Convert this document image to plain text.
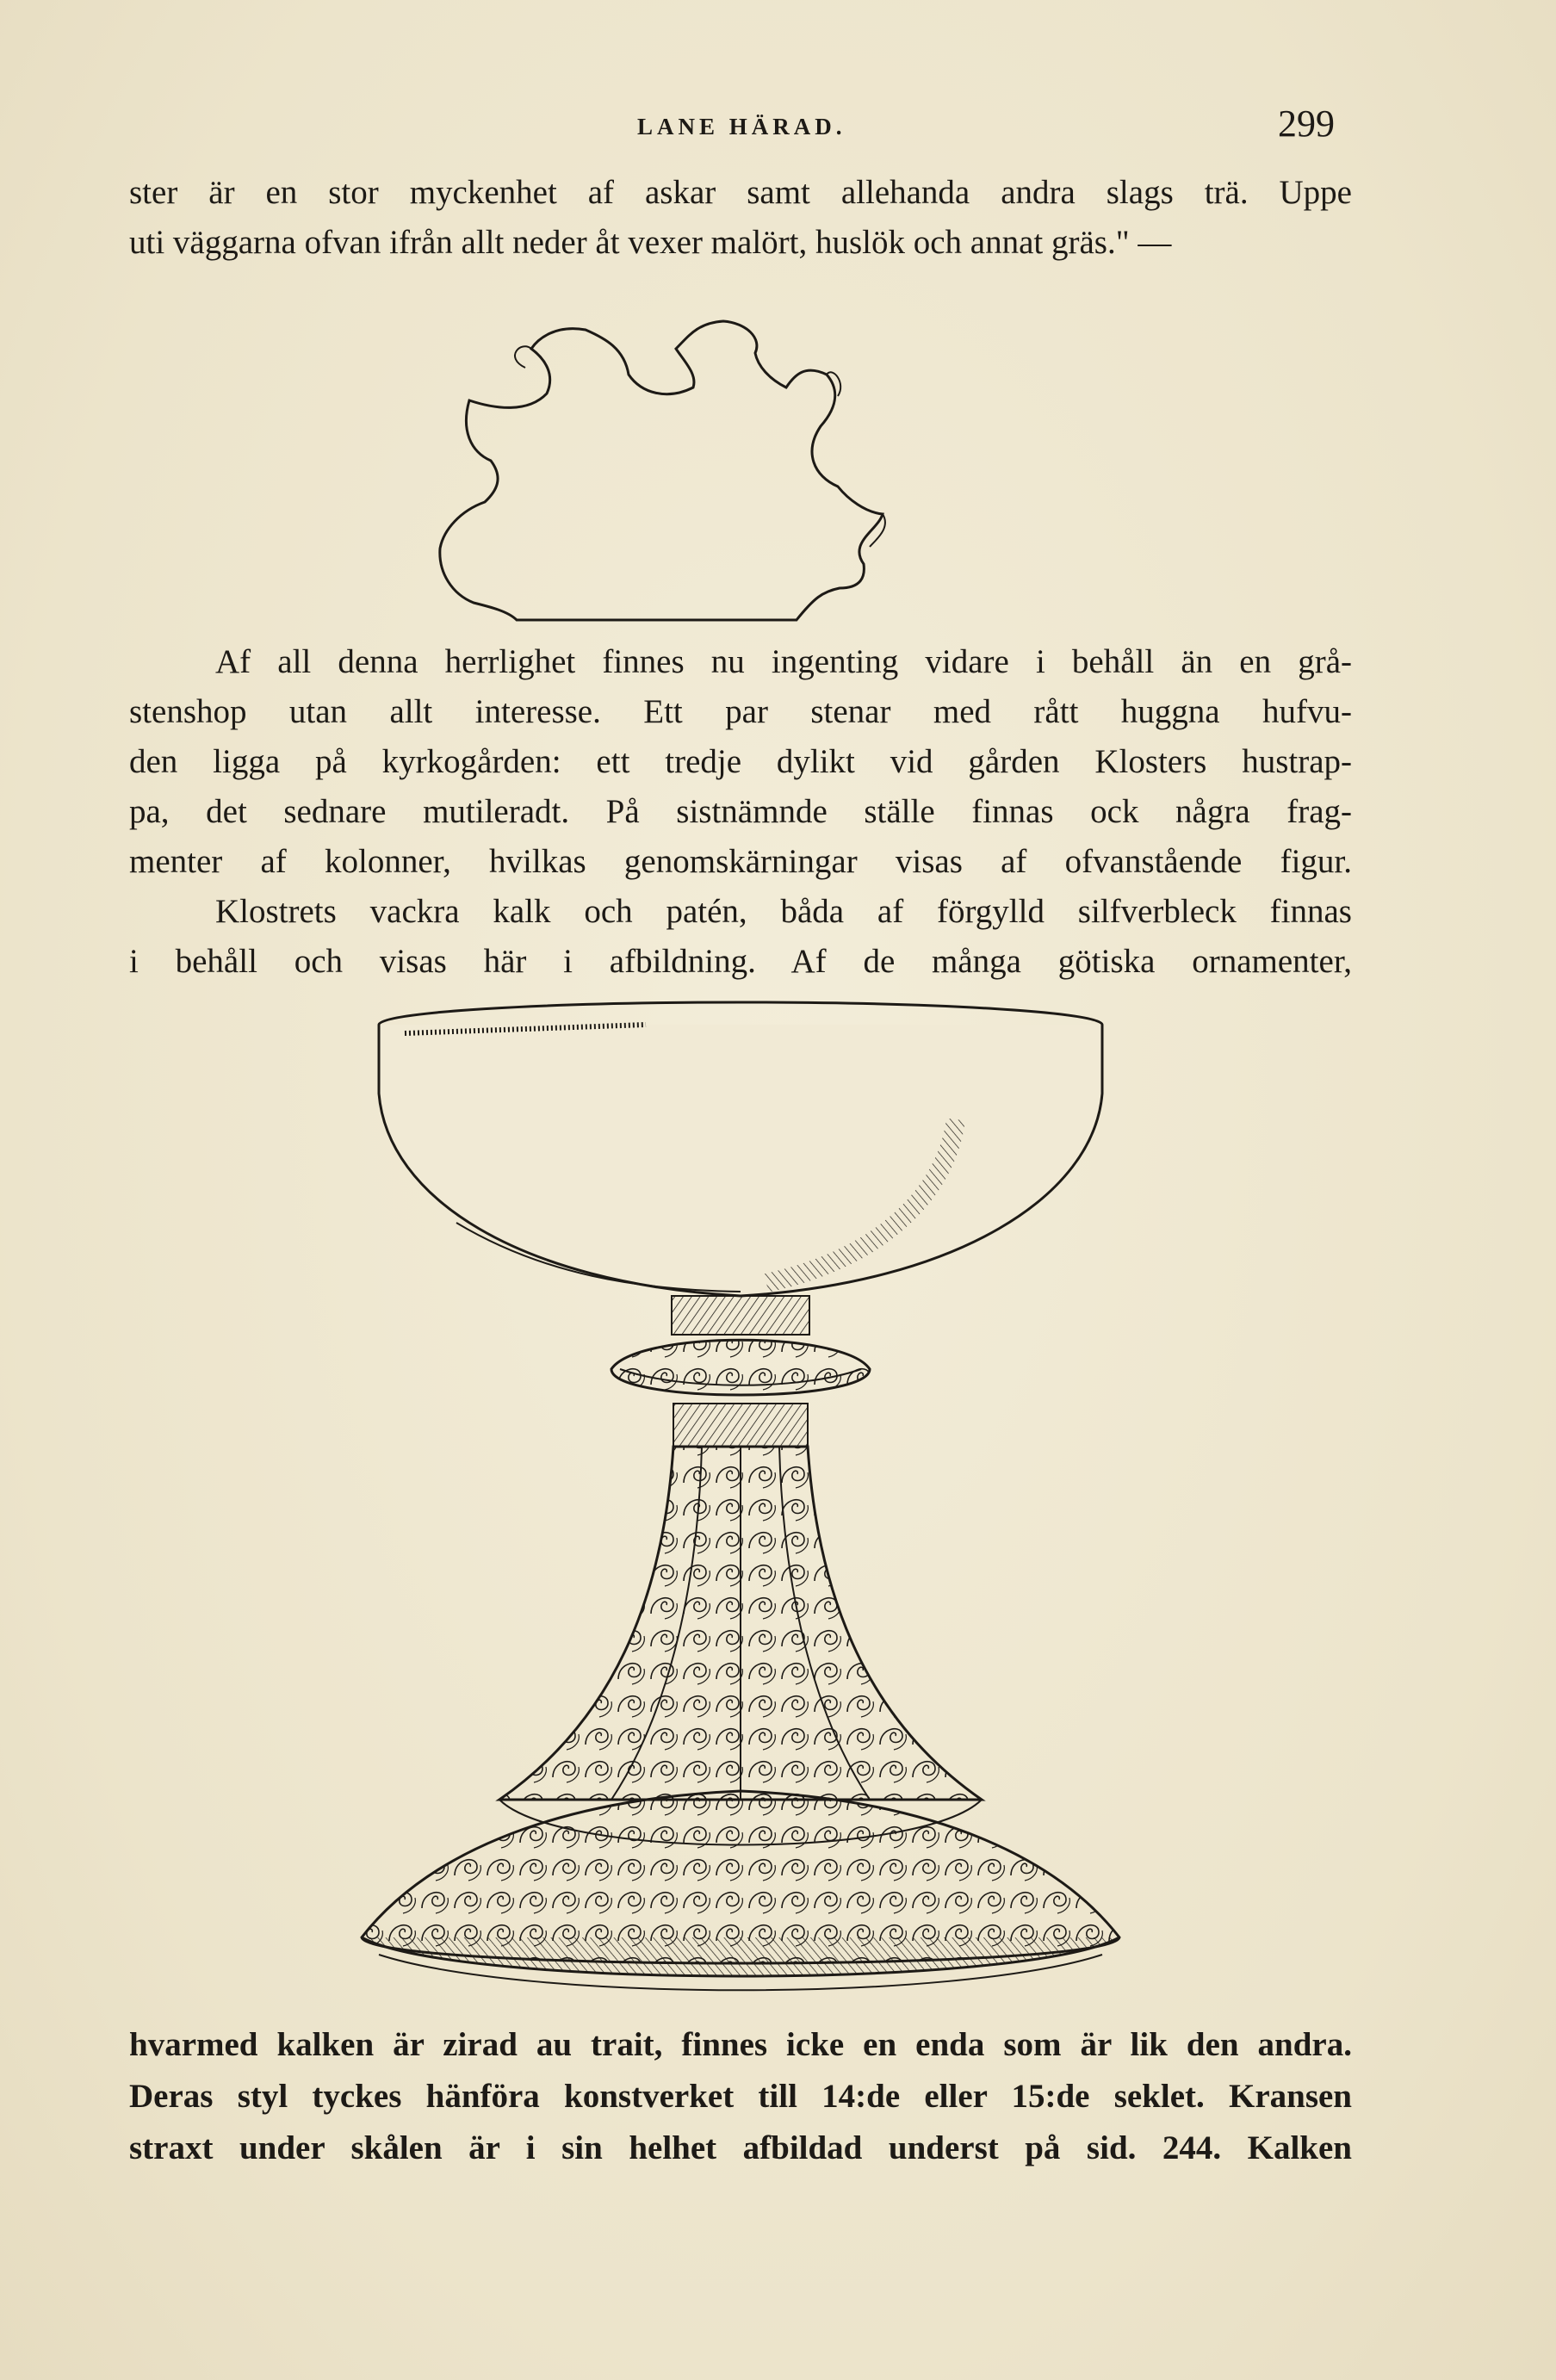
LANE HÄRAD.	299
ster är en stor myckenhet af askar samt allehanda andra slags trä. Uppe
uti väggarna ofvan ifrån allt neder åt vexer malört, huslök och annat gräs." —
Af all denna herrlighet finnes nu ingenting vidare i behåll än en grå-
stenshop utan allt interesse. Ett par stenar med rått huggna hufvu-
den ligga på kyrkogården: ett tredje dylikt vid gården Klosters hustrap-
pa, det sednare mutileradt. På sistnämnde ställe finnas ock några frag-
menter af kolonner, hvilkas genomskärningar visas af ofvanstående figur.
Klostrets vackra kalk och patén, båda af förgylld silfverbleck finnas
i behåll och visas här i afbildning. Af de många götiska ornamenter,
hvarmed kalken är zirad au trait, finnes icke en enda som är lik den andra.
Deras styl tyckes hänföra konstverket till 14:de eller 15:de seklet. Kransen
straxt under skålen är i sin helhet afbildad underst på sid. 244. Kalken
